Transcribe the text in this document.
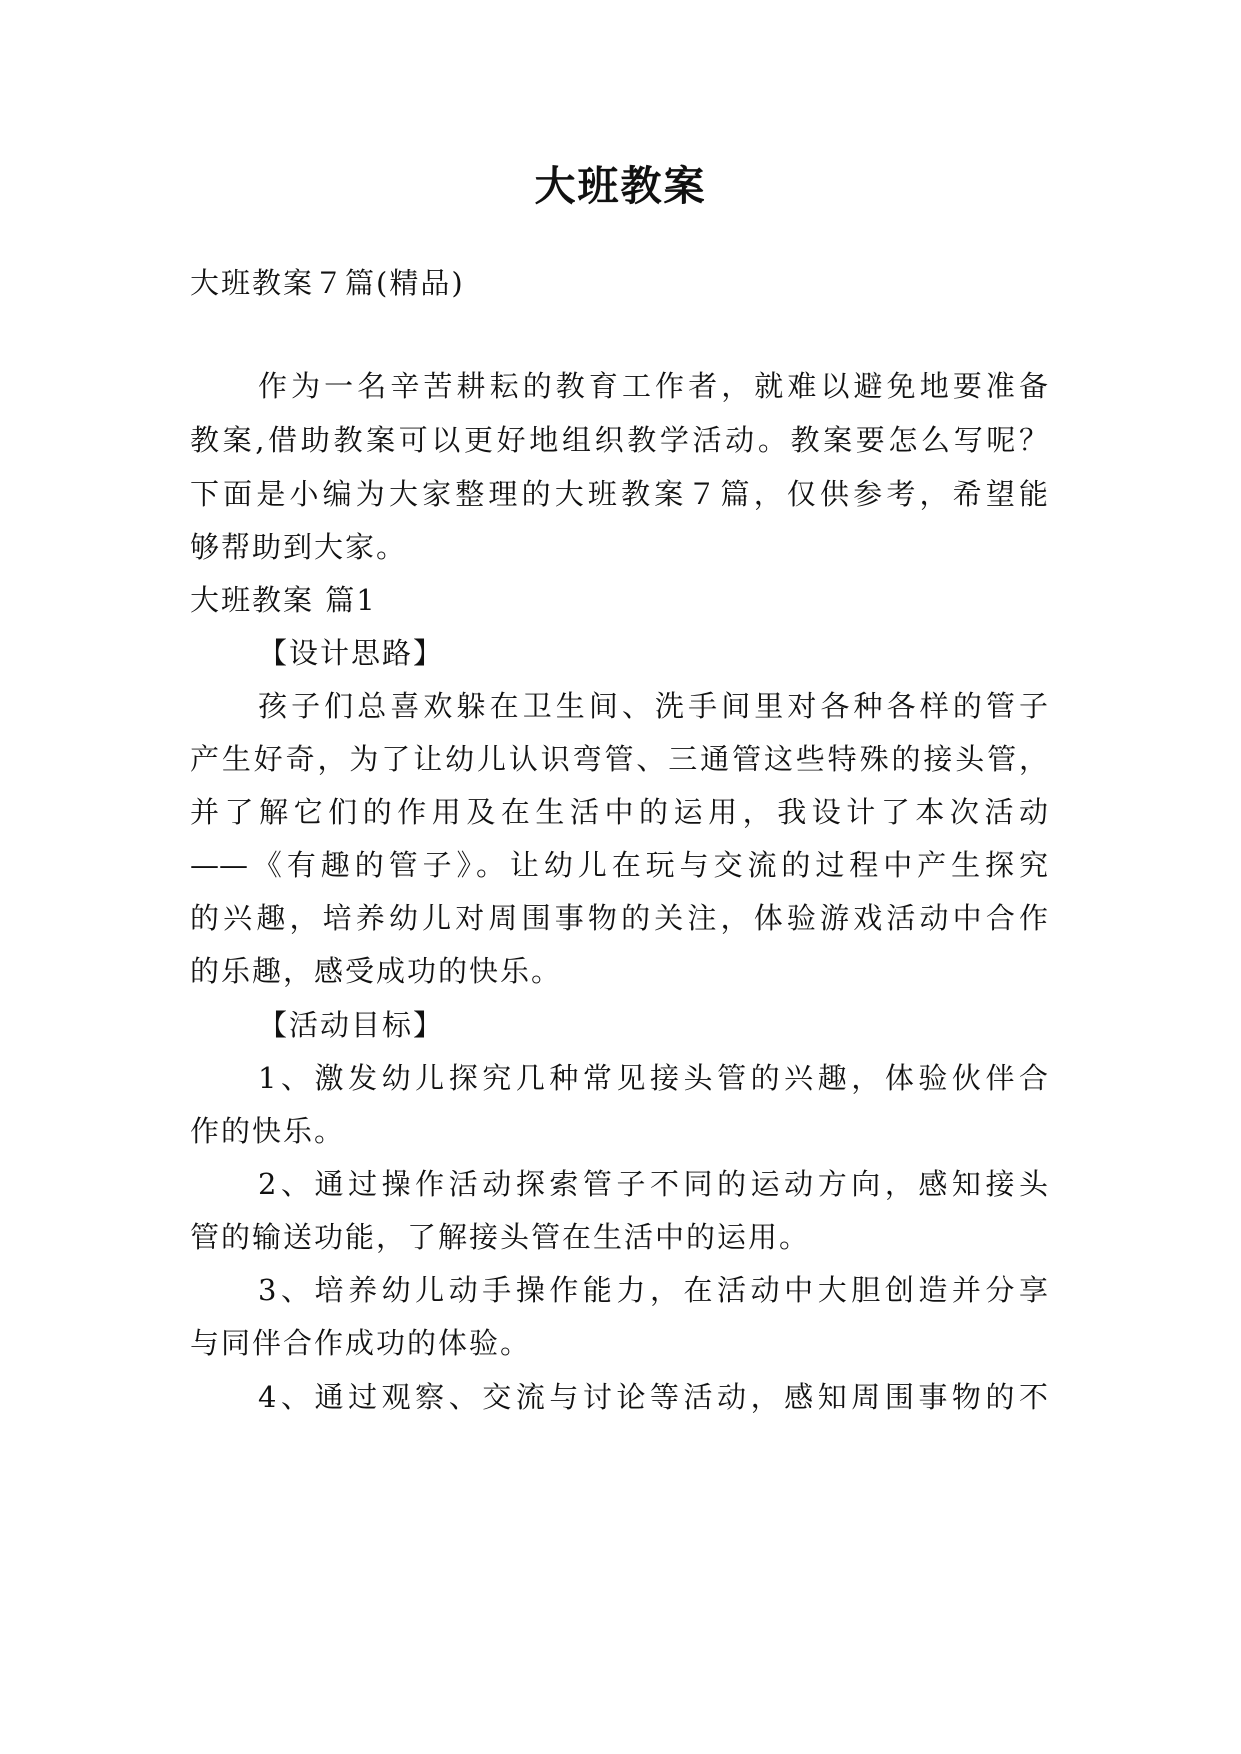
大班教案
大班教案７篇(精品)
作为一名辛苦耕耘的教育工作者，就难以避免地要准备
教案,借助教案可以更好地组织教学活动。教案要怎么写呢？
下面是小编为大家整理的大班教案７篇，仅供参考，希望能
够帮助到大家。
大班教案 篇1
【设计思路】
孩子们总喜欢躲在卫生间、洗手间里对各种各样的管子
产生好奇，为了让幼儿认识弯管、三通管这些特殊的接头管，
并了解它们的作用及在生活中的运用，我设计了本次活动
——《有趣的管子》。让幼儿在玩与交流的过程中产生探究
的兴趣，培养幼儿对周围事物的关注，体验游戏活动中合作
的乐趣，感受成功的快乐。
【活动目标】
1、激发幼儿探究几种常见接头管的兴趣，体验伙伴合
作的快乐。
2、通过操作活动探索管子不同的运动方向，感知接头
管的输送功能，了解接头管在生活中的运用。
3、培养幼儿动手操作能力，在活动中大胆创造并分享
与同伴合作成功的体验。
4、通过观察、交流与讨论等活动，感知周围事物的不
